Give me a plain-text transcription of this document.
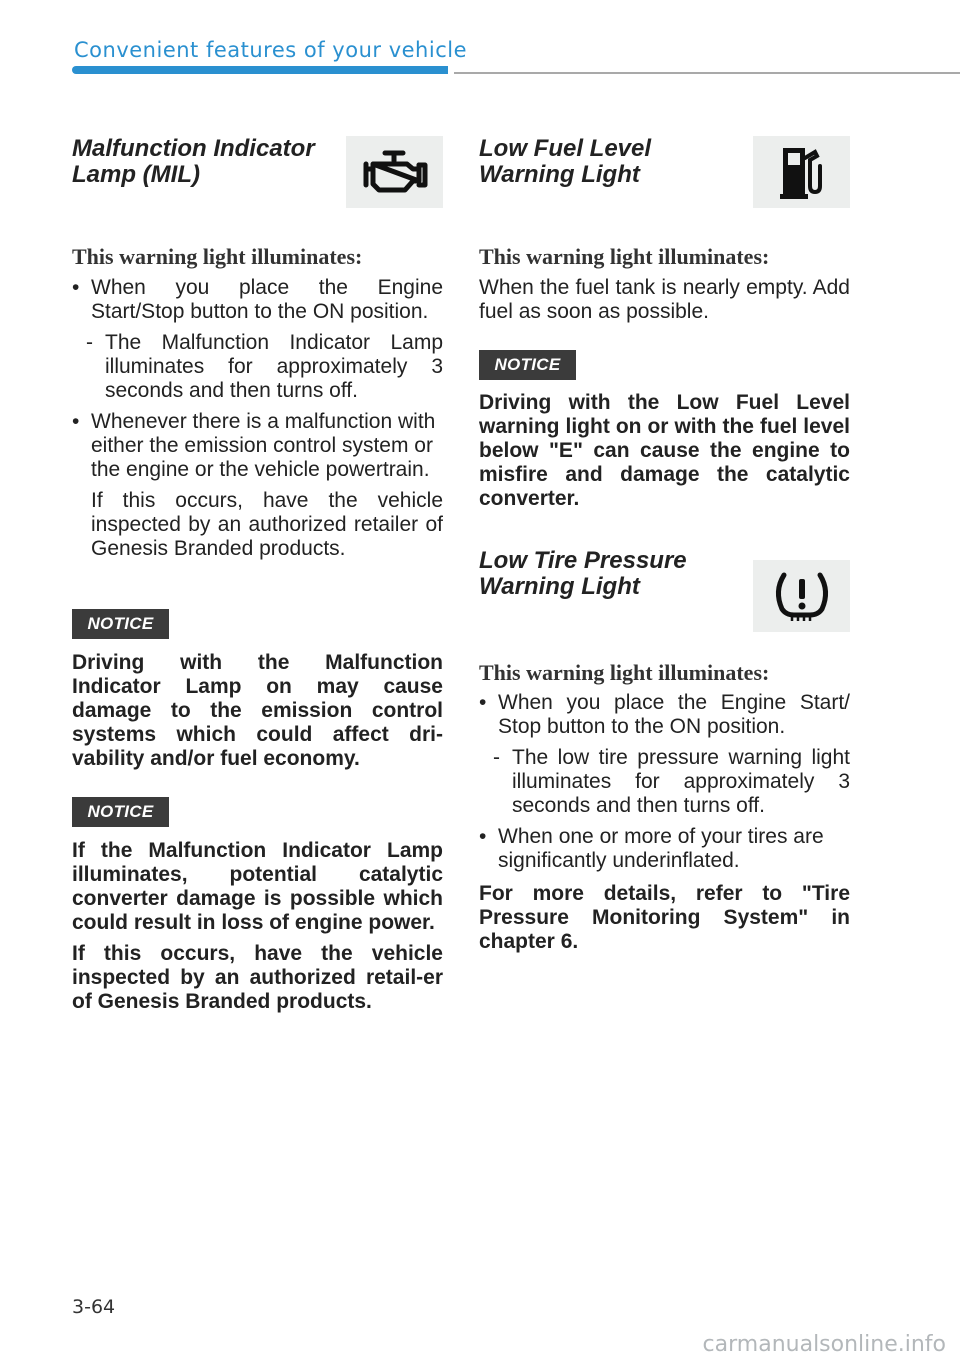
Convenient features of your vehicle
Malfunction Indicator
Lamp (MIL)
This warning light illuminates:

• When you place the Engine Start/Stop button to the ON position.

- The Malfunction Indicator Lamp illuminates for approximately 3 seconds and then turns off.

• Whenever there is a malfunction with either the emission control system or the engine or the vehicle powertrain.

If this occurs, have the vehicle inspected by an authorized retailer of Genesis Branded products.

NOTICE

Driving with the Malfunction Indicator Lamp on may cause damage to the emission control systems which could affect dri-vability and/or fuel economy.

NOTICE

If the Malfunction Indicator Lamp illuminates, potential catalytic converter damage is possible which could result in loss of engine power.

If this occurs, have the vehicle inspected by an authorized retail-er of Genesis Branded products.

Low Fuel Level
Warning Light
This warning light illuminates:

When the fuel tank is nearly empty. Add fuel as soon as possible.

NOTICE

Driving with the Low Fuel Level warning light on or with the fuel level below "E" can cause the engine to misfire and damage the catalytic converter.

Low Tire Pressure
Warning Light
This warning light illuminates:

• When you place the Engine Start/ Stop button to the ON position.

- The low tire pressure warning light illuminates for approximately 3 seconds and then turns off.

• When one or more of your tires are significantly underinflated.

For more details, refer to "Tire Pressure Monitoring System" in chapter 6.

3-64
carmanualsonline.info
